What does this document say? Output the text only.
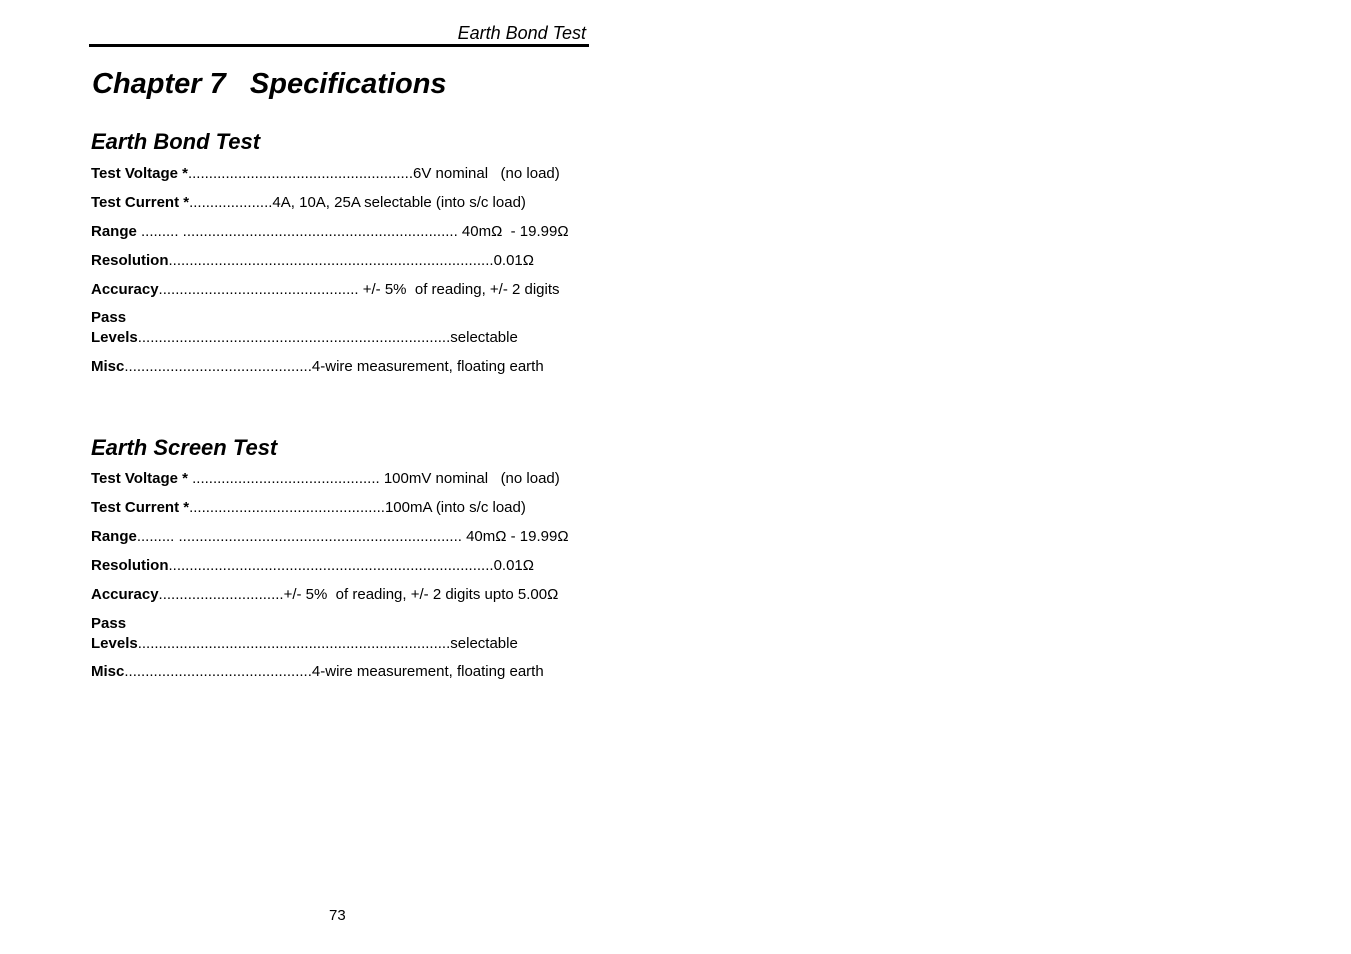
Earth Bond Test
Chapter 7   Specifications
Earth Bond Test
Test Voltage *......................................................6V nominal   (no load)
Test Current *....................4A, 10A, 25A selectable (into s/c load)
Range ......... .................................................................. 40mΩ  - 19.99Ω
Resolution..............................................................................0.01Ω
Accuracy................................................ +/- 5%  of reading, +/- 2 digits
Pass
Levels...........................................................................selectable
Misc.............................................4-wire measurement, floating earth
Earth Screen Test
Test Voltage * ............................................. 100mV nominal   (no load)
Test Current *...............................................100mA (into s/c load)
Range......... .................................................................... 40mΩ - 19.99Ω
Resolution..............................................................................0.01Ω
Accuracy..............................+/- 5%  of reading, +/- 2 digits upto 5.00Ω
Pass
Levels...........................................................................selectable
Misc.............................................4-wire measurement, floating earth
73
